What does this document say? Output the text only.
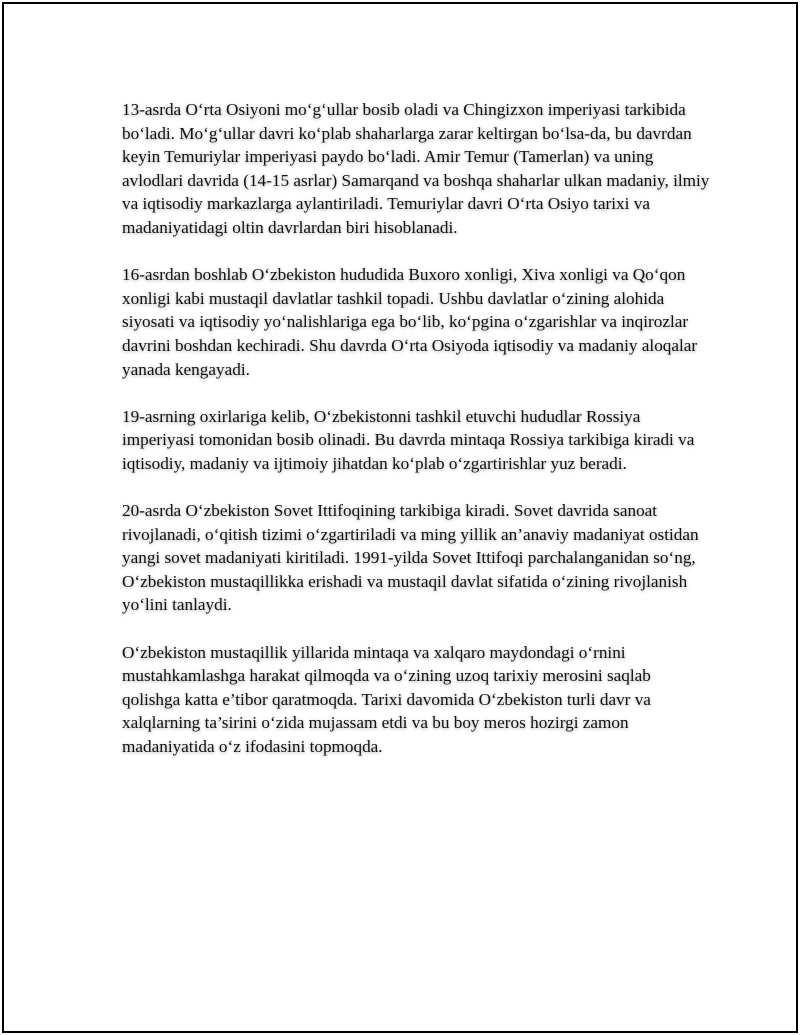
13-asrda O‘rta Osiyoni mo‘g‘ullar bosib oladi va Chingizxon imperiyasi tarkibida bo‘ladi. Mo‘g‘ullar davri ko‘plab shaharlarga zarar keltirgan bo‘lsa-da, bu davrdan keyin Temuriylar imperiyasi paydo bo‘ladi. Amir Temur (Tamerlan) va uning avlodlari davrida (14-15 asrlar) Samarqand va boshqa shaharlar ulkan madaniy, ilmiy va iqtisodiy markazlarga aylantiriladi. Temuriylar davri O‘rta Osiyo tarixi va madaniyatidagi oltin davrlardan biri hisoblanadi.

16-asrdan boshlab O‘zbekiston hududida Buxoro xonligi, Xiva xonligi va Qo‘qon xonligi kabi mustaqil davlatlar tashkil topadi. Ushbu davlatlar o‘zining alohida siyosati va iqtisodiy yo‘nalishlariga ega bo‘lib, ko‘pgina o‘zgarishlar va inqirozlar davrini boshdan kechiradi. Shu davrda O‘rta Osiyoda iqtisodiy va madaniy aloqalar yanada kengayadi.

19-asrning oxirlariga kelib, O‘zbekistonni tashkil etuvchi hududlar Rossiya imperiyasi tomonidan bosib olinadi. Bu davrda mintaqa Rossiya tarkibiga kiradi va iqtisodiy, madaniy va ijtimoiy jihatdan ko‘plab o‘zgartirishlar yuz beradi.

20-asrda O‘zbekiston Sovet Ittifoqining tarkibiga kiradi. Sovet davrida sanoat rivojlanadi, o‘qitish tizimi o‘zgartiriladi va ming yillik an’anaviy madaniyat ostidan yangi sovet madaniyati kiritiladi. 1991-yilda Sovet Ittifoqi parchalanganidan so‘ng, O‘zbekiston mustaqillikka erishadi va mustaqil davlat sifatida o‘zining rivojlanish yo‘lini tanlaydi.

O‘zbekiston mustaqillik yillarida mintaqa va xalqaro maydondagi o‘rnini mustahkamlashga harakat qilmoqda va o‘zining uzoq tarixiy merosini saqlab qolishga katta e’tibor qaratmoqda. Tarixi davomida O‘zbekiston turli davr va xalqlarning ta’sirini o‘zida mujassam etdi va bu boy meros hozirgi zamon madaniyatida o‘z ifodasini topmoqda.
